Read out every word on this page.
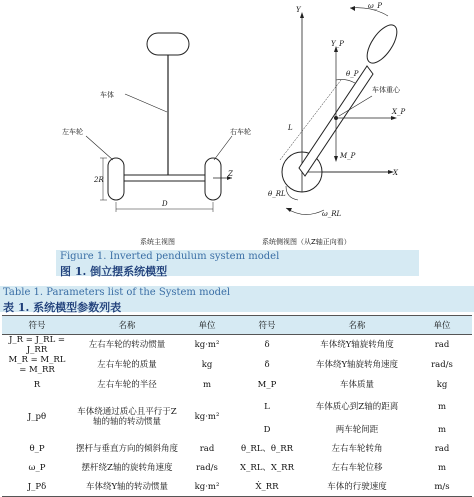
车体
左车轮	右车轮
Z
D
2R
系统主视图
Y
Y_P
X_P
X
ω_P
θ_P
L
车体重心
M_P
θ_RL
ω_RL
系统侧视图（从Z轴正向看）
Figure 1. Inverted pendulum system model
图 1. 倒立摆系统模型
Table 1. Parameters list of the System model
表 1. 系统模型参数列表
符号	名称	单位	符号	名称	单位
J_R = J_RL = J_RR	左右车轮的转动惯量	kg·m²	δ	车体绕Y轴旋转角度	rad
M_R = M_RL = M_RR	左右车轮的质量	kg	δ̇	车体绕Y轴旋转角速度	rad/s
R	左右车轮的半径	m	M_P	车体质量	kg
J_pθ	车体绕通过质心且平行于Z轴的轴的转动惯量	kg·m²	L	车体质心到Z轴的距离	m
			D	两车轮间距	m
θ_P	摆杆与垂直方向的倾斜角度	rad	θ_RL、θ_RR	左右车轮转角	rad
ω_P	摆杆绕Z轴的旋转角速度	rad/s	X_RL、X_RR	左右车轮位移	m
J_Pδ	车体绕Y轴的转动惯量	kg·m²	Ẋ_RR	车体的行驶速度	m/s
